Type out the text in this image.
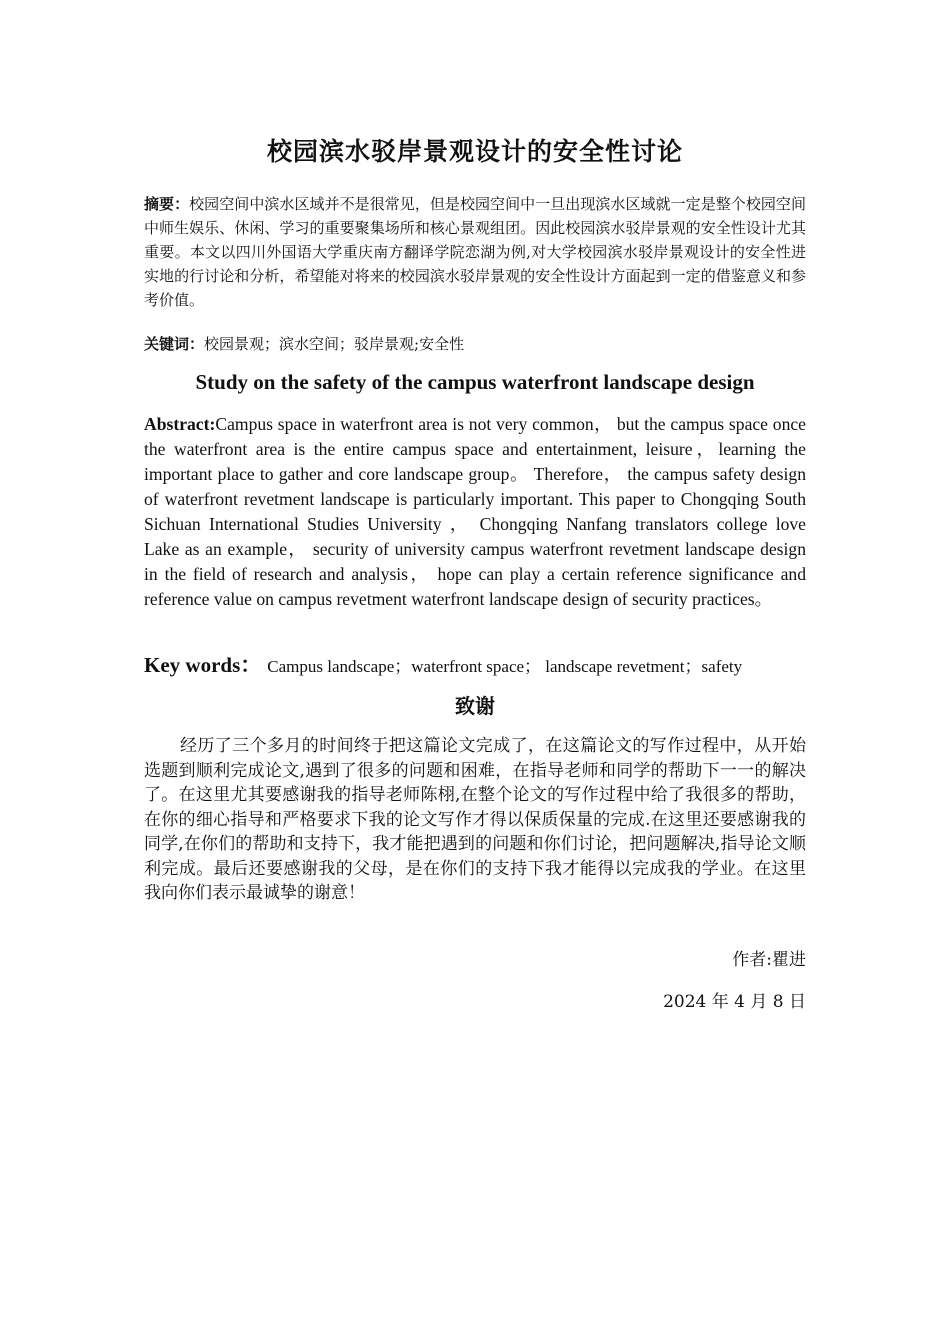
校园滨水驳岸景观设计的安全性讨论
摘要：校园空间中滨水区域并不是很常见，但是校园空间中一旦出现滨水区域就一定是整个校园空间中师生娱乐、休闲、学习的重要聚集场所和核心景观组团。因此校园滨水驳岸景观的安全性设计尤其重要。本文以四川外国语大学重庆南方翻译学院恋湖为例,对大学校园滨水驳岸景观设计的安全性进实地的行讨论和分析，希望能对将来的校园滨水驳岸景观的安全性设计方面起到一定的借鉴意义和参考价值。
关键词：校园景观；滨水空间；驳岸景观;安全性
Study on the safety of the campus waterfront landscape design
Abstract:Campus space in waterfront area is not very common， but the campus space once the waterfront area is the entire campus space and entertainment, leisure，learning the important place to gather and core landscape group。 Therefore， the campus safety design of waterfront revetment landscape is particularly important. This paper to Chongqing South Sichuan International Studies University ， Chongqing Nanfang translators college love Lake as an example， security of university campus waterfront revetment landscape design in the field of research and analysis， hope can play a certain reference significance and reference value on campus revetment waterfront landscape design of security practices。
Key words： Campus landscape；waterfront space； landscape revetment；safety
致谢
经历了三个多月的时间终于把这篇论文完成了，在这篇论文的写作过程中，从开始选题到顺利完成论文,遇到了很多的问题和困难，在指导老师和同学的帮助下一一的解决了。在这里尤其要感谢我的指导老师陈栩,在整个论文的写作过程中给了我很多的帮助，在你的细心指导和严格要求下我的论文写作才得以保质保量的完成.在这里还要感谢我的同学,在你们的帮助和支持下，我才能把遇到的问题和你们讨论，把问题解决,指导论文顺利完成。最后还要感谢我的父母，是在你们的支持下我才能得以完成我的学业。在这里我向你们表示最诚挚的谢意！
作者:瞿进
2024 年 4 月 8 日
